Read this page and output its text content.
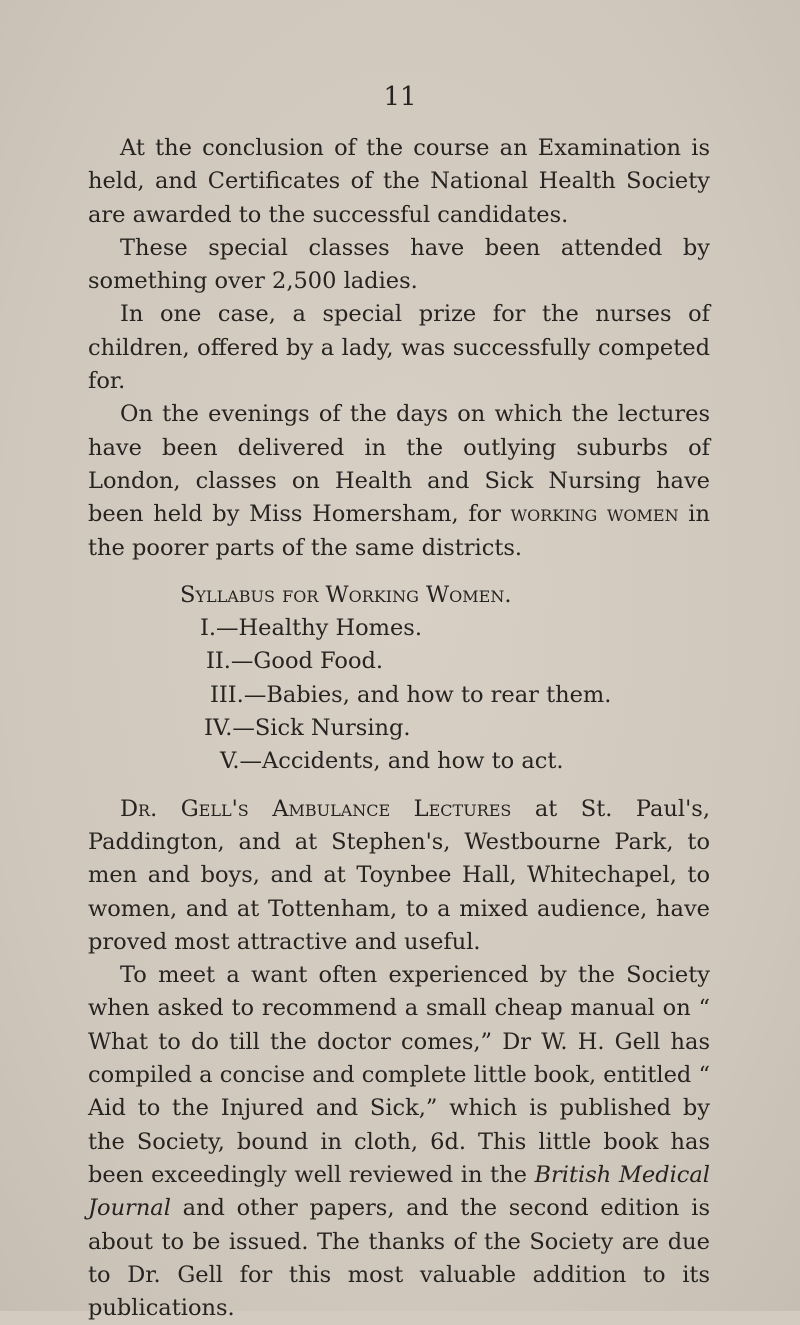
11

At the conclusion of the course an Examination is held, and Certificates of the National Health Society are awarded to the successful candidates.

These special classes have been attended by something over 2,500 ladies.

In one case, a special prize for the nurses of children, offered by a lady, was successfully competed for.

On the evenings of the days on which the lectures have been delivered in the outlying suburbs of London, classes on Health and Sick Nursing have been held by Miss Homersham, for working women in the poorer parts of the same districts.

Syllabus for Working Women.
I.—Healthy Homes.
II.—Good Food.
III.—Babies, and how to rear them.
IV.—Sick Nursing.
V.—Accidents, and how to act.

Dr. Gell's Ambulance Lectures at St. Paul's, Paddington, and at Stephen's, Westbourne Park, to men and boys, and at Toynbee Hall, Whitechapel, to women, and at Tottenham, to a mixed audience, have proved most attractive and useful.

To meet a want often experienced by the Society when asked to recommend a small cheap manual on “ What to do till the doctor comes,” Dr W. H. Gell has compiled a concise and complete little book, entitled “ Aid to the Injured and Sick,” which is published by the Society, bound in cloth, 6d. This little book has been exceedingly well reviewed in the British Medical Journal and other papers, and the second edition is about to be issued. The thanks of the Society are due to Dr. Gell for this most valuable addition to its publications.
